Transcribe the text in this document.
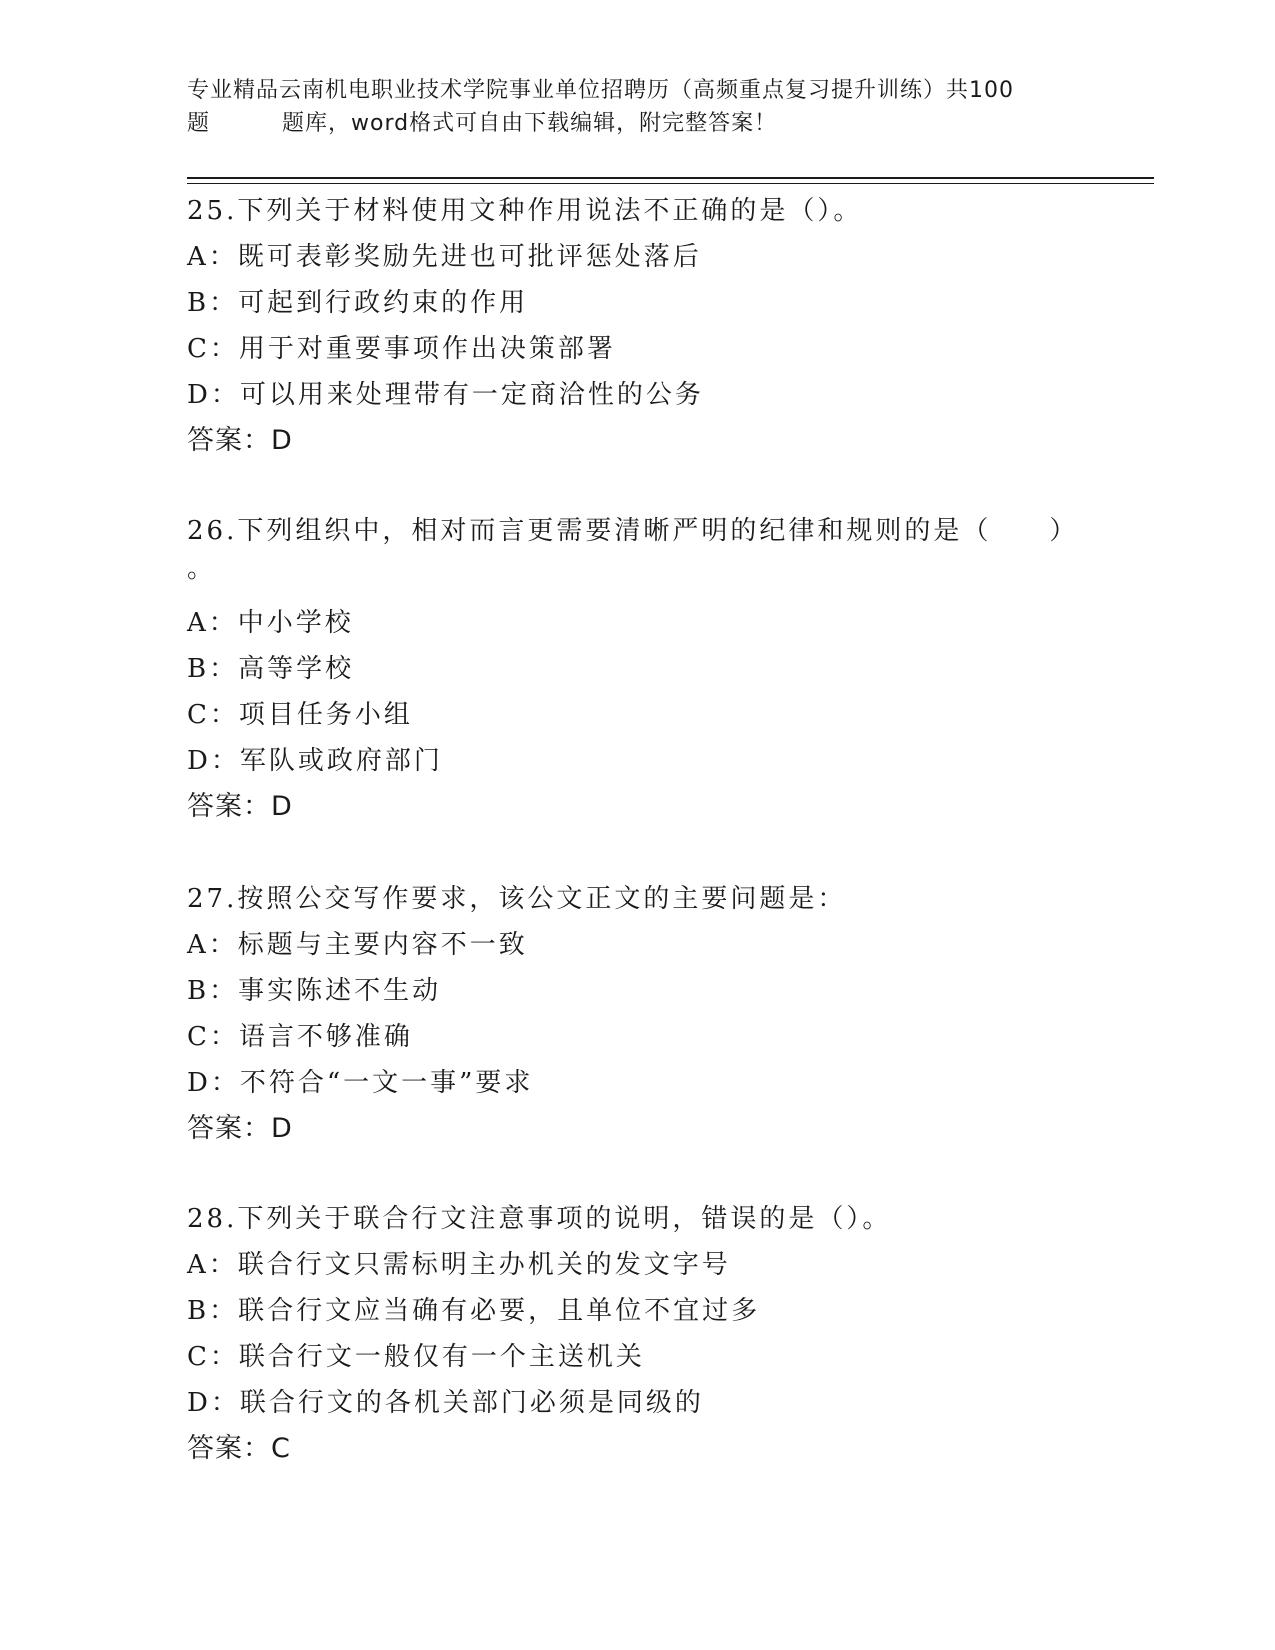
专业精品云南机电职业技术学院事业单位招聘历（高频重点复习提升训练）共100
题	题库，word格式可自由下载编辑，附完整答案！
25.下列关于材料使用文种作用说法不正确的是（）。
A：既可表彰奖励先进也可批评惩处落后
B：可起到行政约束的作用
C：用于对重要事项作出决策部署
D：可以用来处理带有一定商洽性的公务
答案：D
26.下列组织中，相对而言更需要清晰严明的纪律和规则的是（　　）
。
A：中小学校
B：高等学校
C：项目任务小组
D：军队或政府部门
答案：D
27.按照公交写作要求，该公文正文的主要问题是：
A：标题与主要内容不一致
B：事实陈述不生动
C：语言不够准确
D：不符合“一文一事”要求
答案：D
28.下列关于联合行文注意事项的说明，错误的是（）。
A：联合行文只需标明主办机关的发文字号
B：联合行文应当确有必要，且单位不宜过多
C：联合行文一般仅有一个主送机关
D：联合行文的各机关部门必须是同级的
答案：C
